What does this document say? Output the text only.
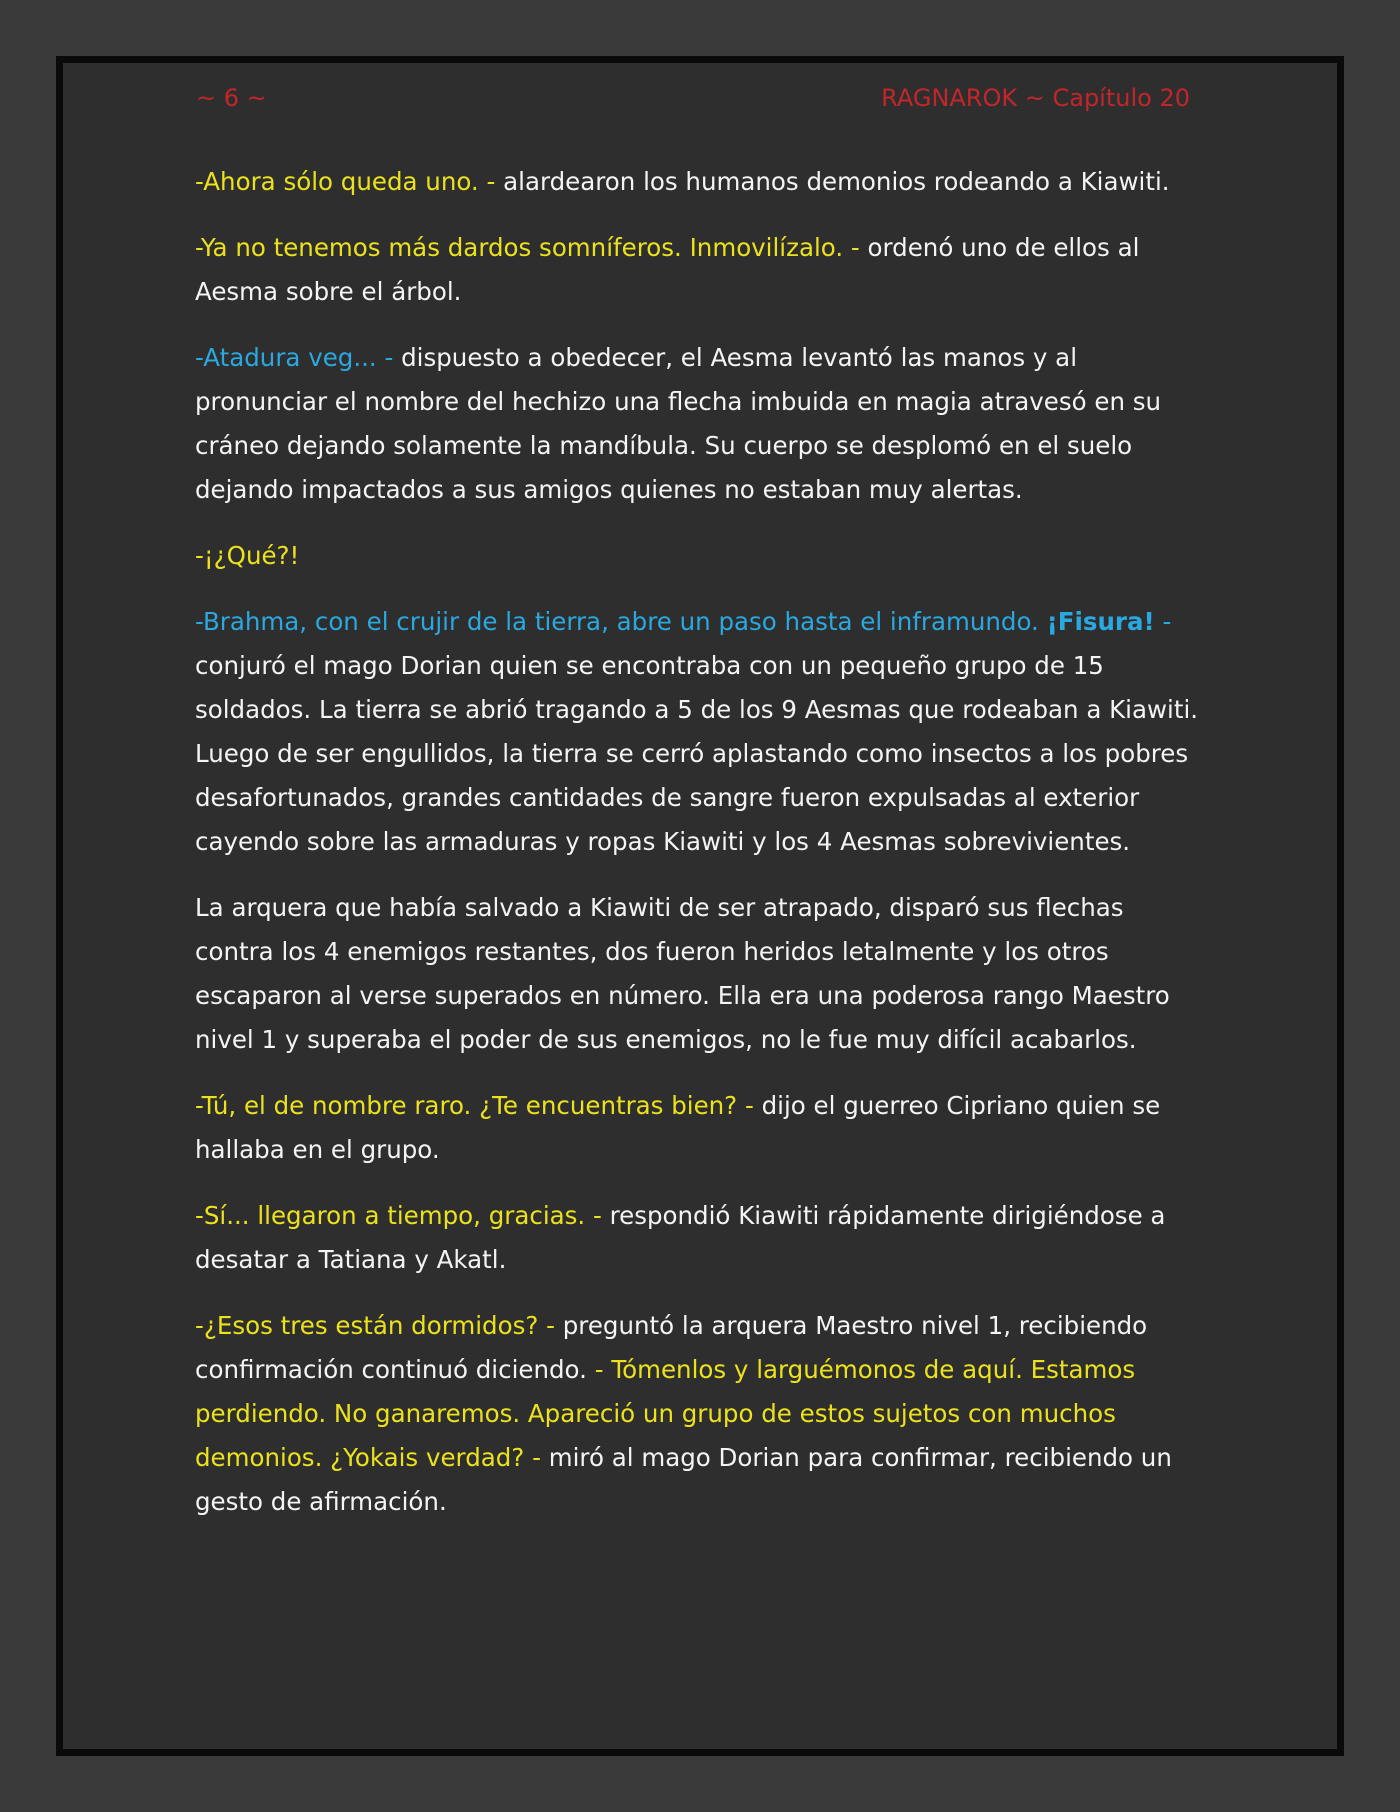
~ 6 ~	RAGNAROK ~ Capítulo 20

-Ahora sólo queda uno. - alardearon los humanos demonios rodeando a Kiawiti.

-Ya no tenemos más dardos somníferos. Inmovilízalo. - ordenó uno de ellos al Aesma sobre el árbol.

-Atadura veg... - dispuesto a obedecer, el Aesma levantó las manos y al pronunciar el nombre del hechizo una flecha imbuida en magia atravesó en su cráneo dejando solamente la mandíbula. Su cuerpo se desplomó en el suelo dejando impactados a sus amigos quienes no estaban muy alertas.

-¡¿Qué?!

-Brahma, con el crujir de la tierra, abre un paso hasta el inframundo. ¡Fisura! - conjuró el mago Dorian quien se encontraba con un pequeño grupo de 15 soldados. La tierra se abrió tragando a 5 de los 9 Aesmas que rodeaban a Kiawiti. Luego de ser engullidos, la tierra se cerró aplastando como insectos a los pobres desafortunados, grandes cantidades de sangre fueron expulsadas al exterior cayendo sobre las armaduras y ropas Kiawiti y los 4 Aesmas sobrevivientes.

La arquera que había salvado a Kiawiti de ser atrapado, disparó sus flechas contra los 4 enemigos restantes, dos fueron heridos letalmente y los otros escaparon al verse superados en número. Ella era una poderosa rango Maestro nivel 1 y superaba el poder de sus enemigos, no le fue muy difícil acabarlos.

-Tú, el de nombre raro. ¿Te encuentras bien? - dijo el guerreo Cipriano quien se hallaba en el grupo.

-Sí... llegaron a tiempo, gracias. - respondió Kiawiti rápidamente dirigiéndose a desatar a Tatiana y Akatl.

-¿Esos tres están dormidos? - preguntó la arquera Maestro nivel 1, recibiendo confirmación continuó diciendo. - Tómenlos y larguémonos de aquí. Estamos perdiendo. No ganaremos. Apareció un grupo de estos sujetos con muchos demonios. ¿Yokais verdad? - miró al mago Dorian para confirmar, recibiendo un gesto de afirmación.
